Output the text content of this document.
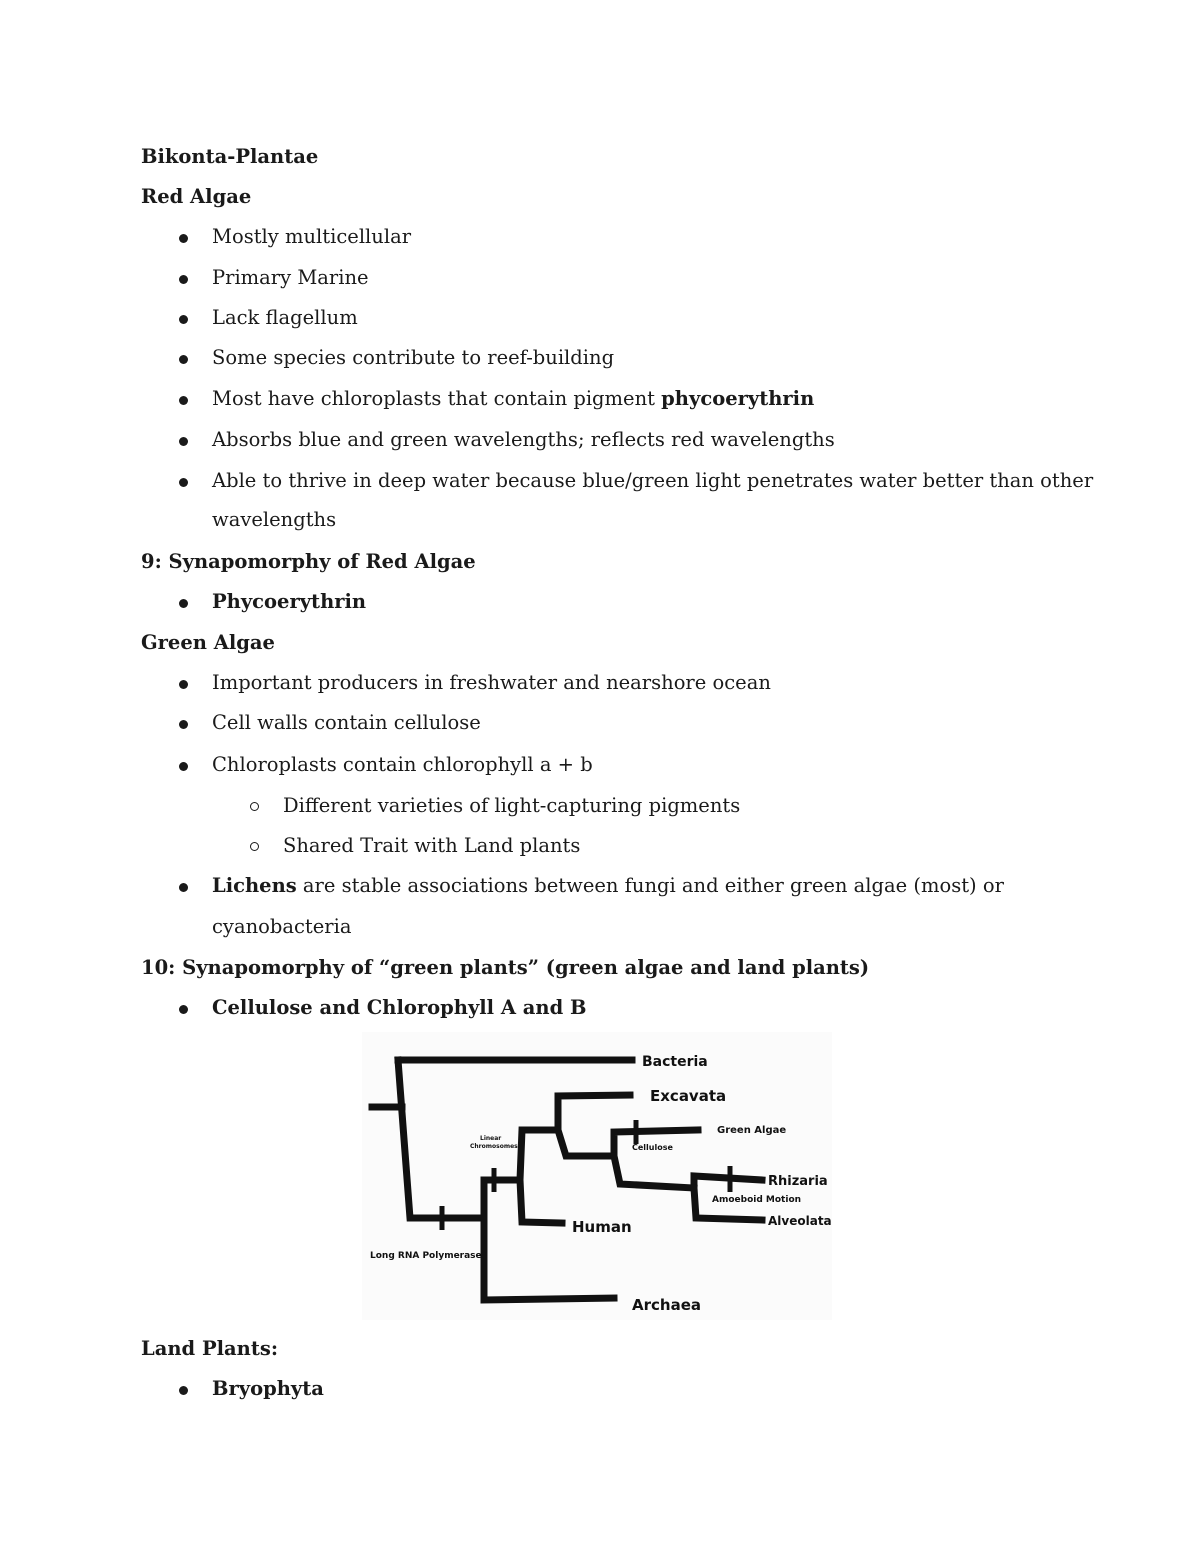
Bikonta-Plantae
Red Algae
Mostly multicellular
Primary Marine
Lack flagellum
Some species contribute to reef-building
Most have chloroplasts that contain pigment phycoerythrin
Absorbs blue and green wavelengths; reflects red wavelengths
Able to thrive in deep water because blue/green light penetrates water better than other
wavelengths
9: Synapomorphy of Red Algae
Phycoerythrin
Green Algae
Important producers in freshwater and nearshore ocean
Cell walls contain cellulose
Chloroplasts contain chlorophyll a + b
Different varieties of light-capturing pigments
Shared Trait with Land plants
Lichens are stable associations between fungi and either green algae (most) or
cyanobacteria
10: Synapomorphy of “green plants” (green algae and land plants)
Cellulose and Chlorophyll A and B
Bacteria
Excavata
Green Algae
Cellulose
Rhizaria
Amoeboid Motion
Alveolata
Human
Archaea
Long RNA Polymerase
Linear
Chromosomes
Land Plants:
Bryophyta
